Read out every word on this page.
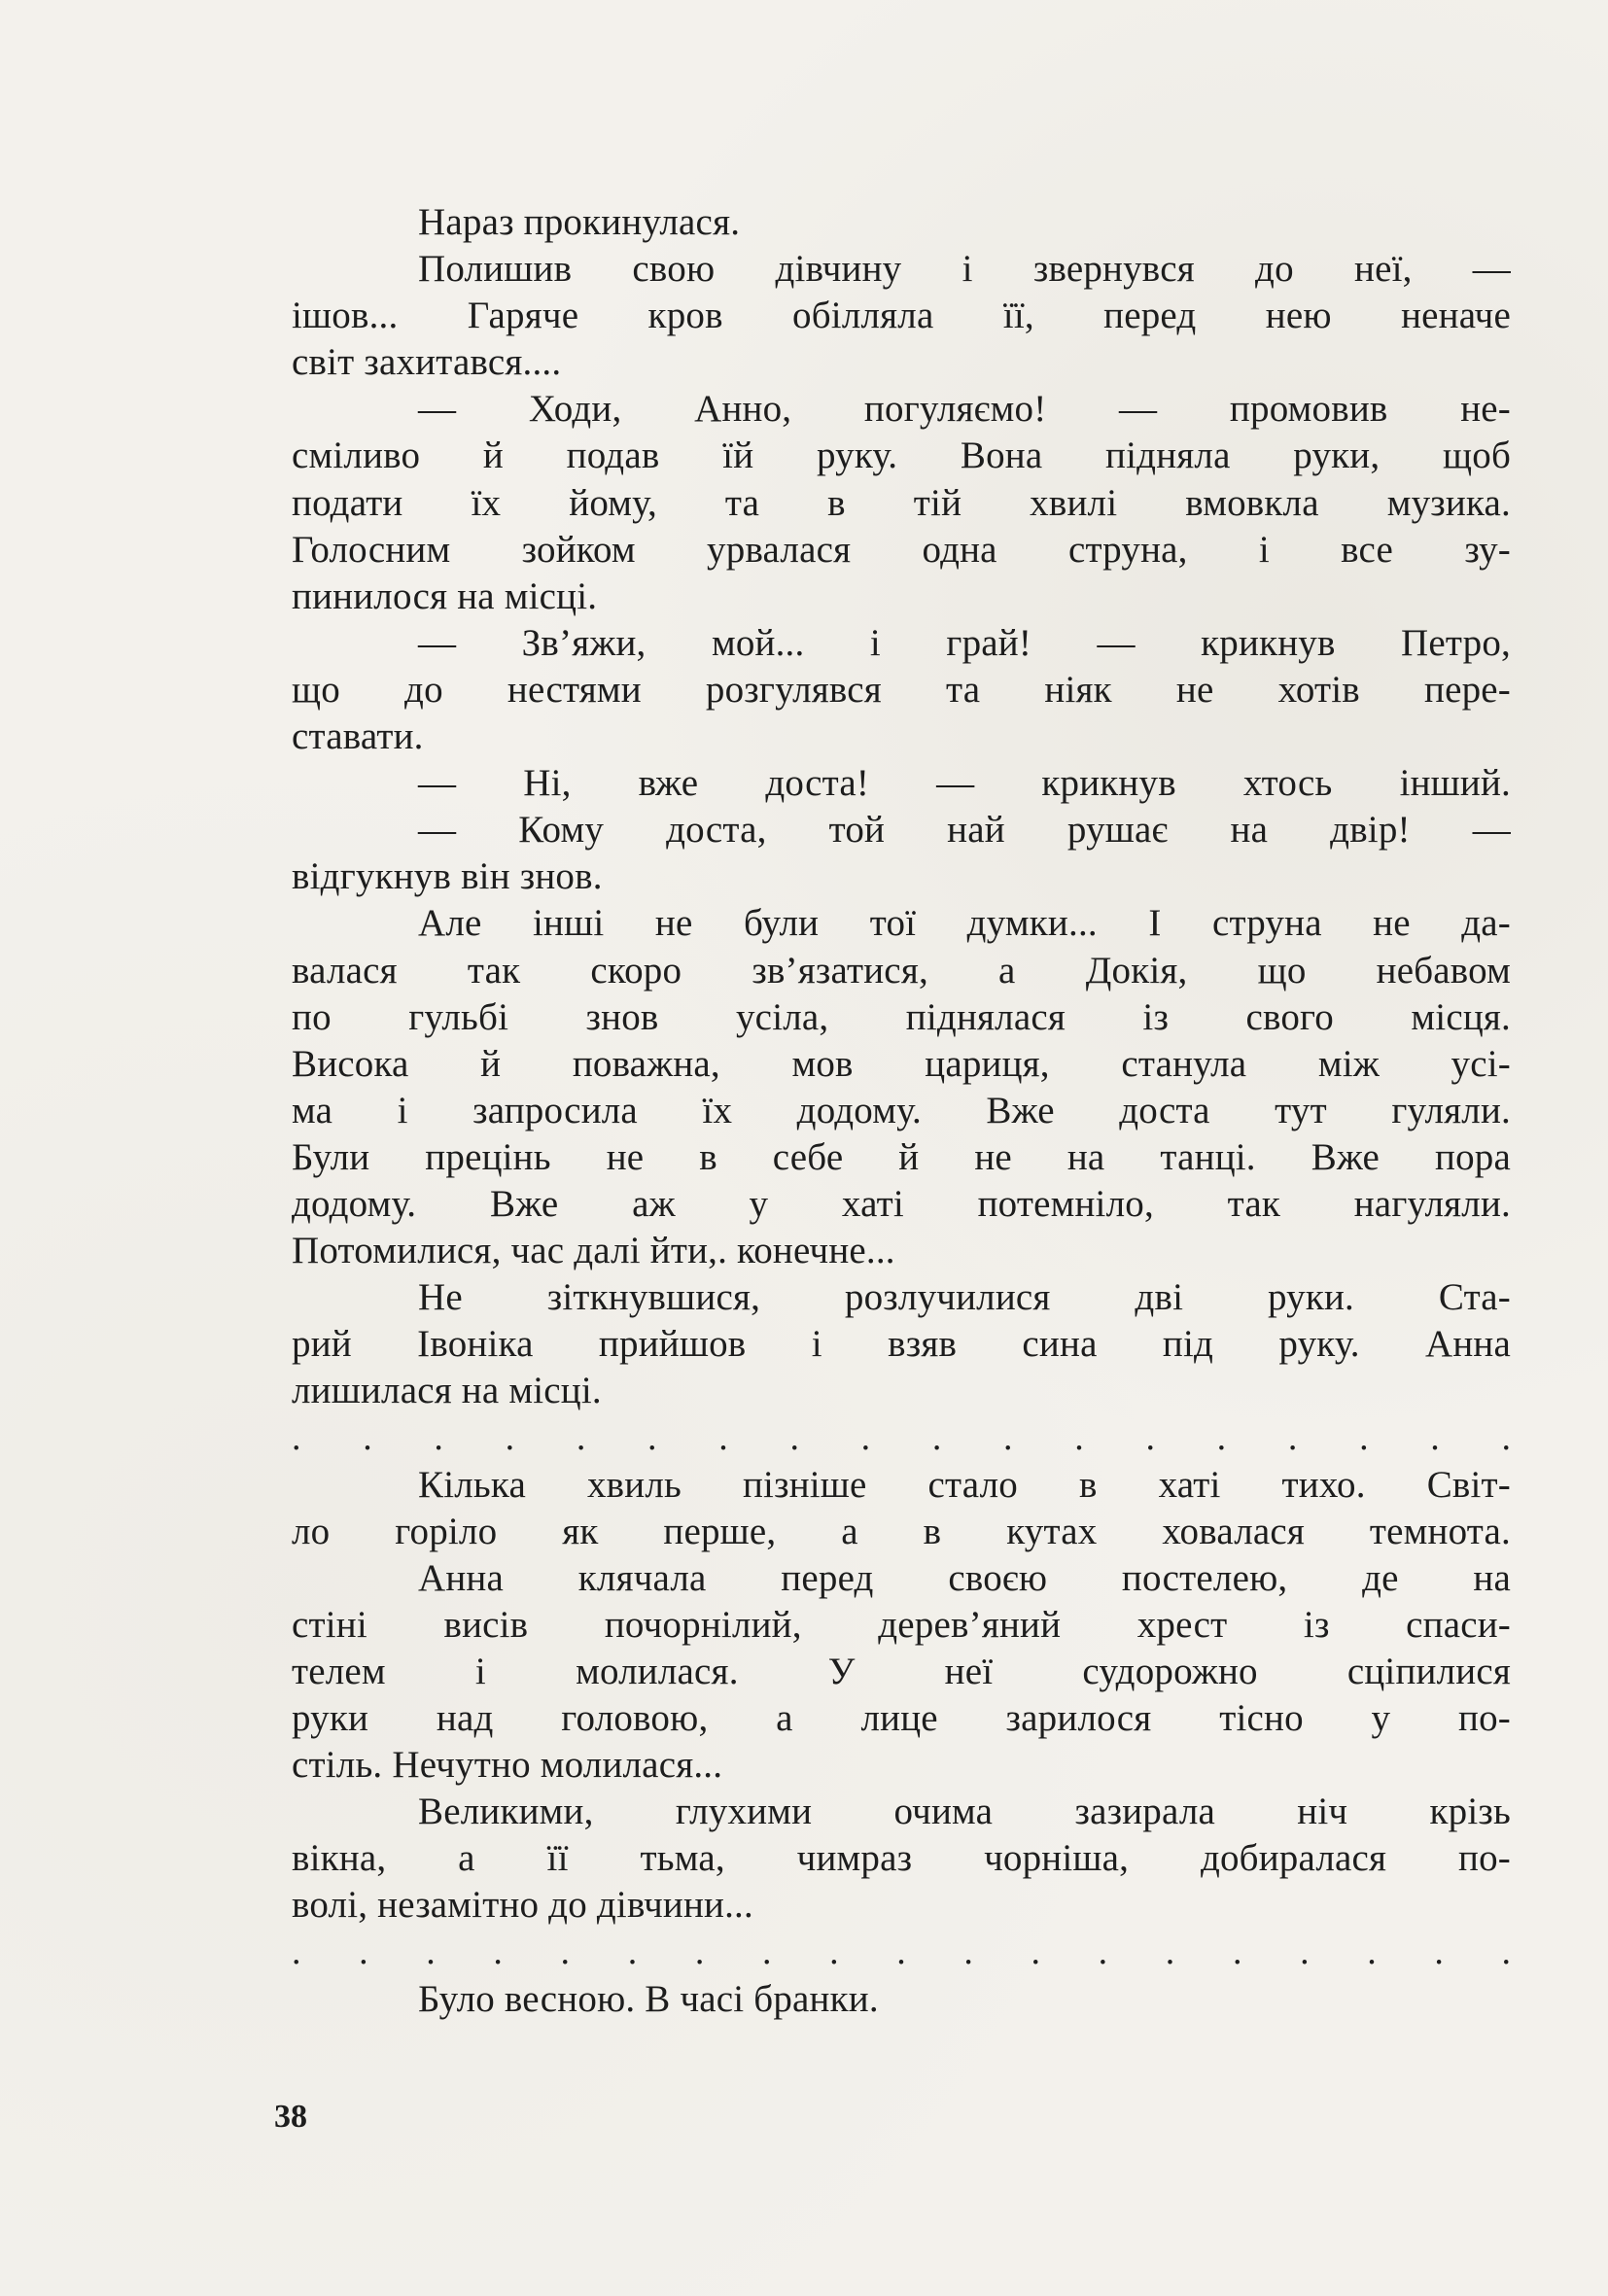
Нараз прокинулася.
Полишив свою дівчину і звернувся до неї, —
ішов... Гаряче кров обілляла її, перед нею неначе
світ захитався....
— Ходи, Анно, погуляємо! — промовив не-
сміливо й подав їй руку. Вона підняла руки, щоб
подати їх йому, та в тій хвилі вмовкла музика.
Голосним зойком урвалася одна струна, і все зу-
пинилося на місці.
— Зв’яжи, мой... і грай! — крикнув Петро,
що до нестями розгулявся та ніяк не хотів пере-
ставати.
— Ні, вже доста! — крикнув хтось інший.
— Кому доста, той най рушає на двір! —
відгукнув він знов.
Але інші не були тої думки... І струна не да-
валася так скоро зв’язатися, а Докія, що небавом
по гульбі знов усіла, піднялася із свого місця.
Висока й поважна, мов цариця, станула між усі-
ма і запросила їх додому. Вже доста тут гуляли.
Були прецінь не в себе й не на танці. Вже пора
додому. Вже аж у хаті потемніло, так нагуляли.
Потомилися, час далі йти,. конечне...
Не зіткнувшися, розлучилися дві руки. Ста-
рий Івоніка прийшов і взяв сина під руку. Анна
лишилася на місці.
. . . . . . . . . . . . . . . . . .
Кілька хвиль пізніше стало в хаті тихо. Світ-
ло горіло як перше, а в кутах ховалася темнота.
Анна клячала перед своєю постелею, де на
стіні висів почорнілий, дерев’яний хрест із спаси-
телем і молилася. У неї судорожно сціпилися
руки над головою, а лице зарилося тісно у по-
стіль. Нечутно молилася...
Великими, глухими очима зазирала ніч крізь
вікна, а її тьма, чимраз чорніша, добиралася по-
волі, незамітно до дівчини...
. . . . . . . . . . . . . . . . . . .
Було весною. В часі бранки.
38
